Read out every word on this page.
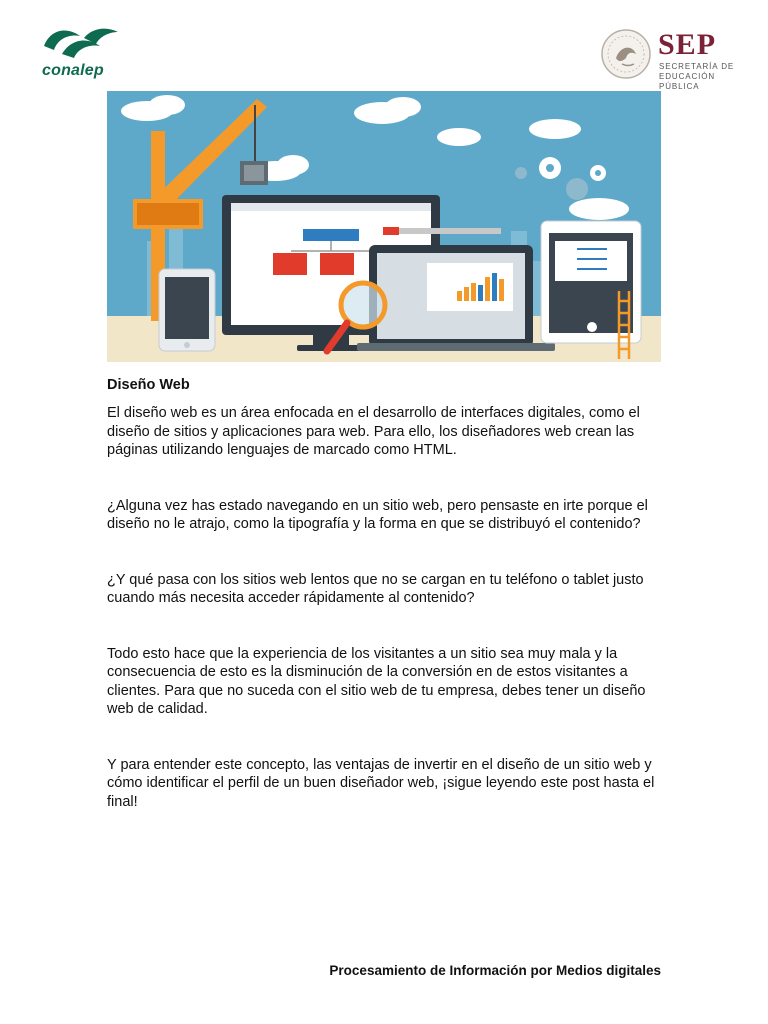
conalep
SEP
SECRETARÍA DE
EDUCACIÓN PÚBLICA
Diseño Web

El diseño web es un área enfocada en el desarrollo de interfaces digitales, como el diseño de sitios y aplicaciones para web. Para ello, los diseñadores web crean las páginas utilizando lenguajes de marcado como HTML.

¿Alguna vez has estado navegando en un sitio web, pero pensaste en irte porque el diseño no le atrajo, como la tipografía y la forma en que se distribuyó el contenido?

¿Y qué pasa con los sitios web lentos que no se cargan en tu teléfono o tablet justo cuando más necesita acceder rápidamente al contenido?

Todo esto hace que la experiencia de los visitantes a un sitio sea muy mala y la consecuencia de esto es la disminución de la conversión en de estos visitantes a clientes. Para que no suceda con el sitio web de tu empresa, debes tener un diseño web de calidad.

Y para entender este concepto, las ventajas de invertir en el diseño de un sitio web y cómo identificar el perfil de un buen diseñador web, ¡sigue leyendo este post hasta el final!

Procesamiento de Información por Medios digitales
